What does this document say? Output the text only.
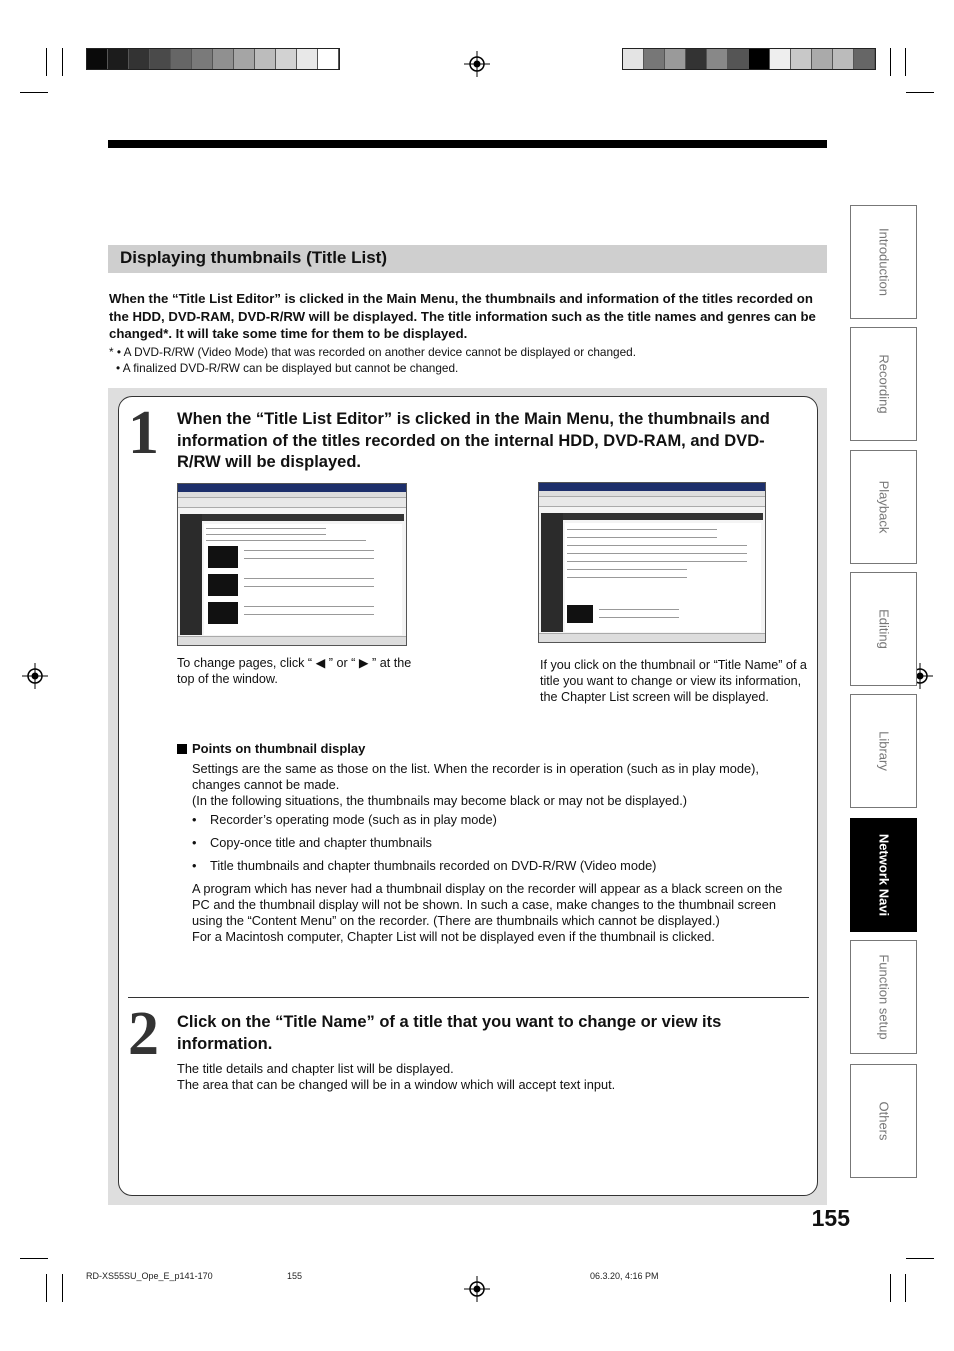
Displaying thumbnails (Title List)
When the “Title List Editor” is clicked in the Main Menu, the thumbnails and information of the titles recorded on the HDD, DVD-RAM, DVD-R/RW will be displayed. The title information such as the title names and genres can be changed*. It will take some time for them to be displayed.
* • A DVD-R/RW (Video Mode) that was recorded on another device cannot be displayed or changed.
• A finalized DVD-R/RW can be displayed but cannot be changed.
1 When the “Title List Editor” is clicked in the Main Menu, the thumbnails and information of the titles recorded on the internal HDD, DVD-RAM, and DVD-R/RW will be displayed.
To change pages, click “ ◀ ” or “ ▶ ” at the top of the window.
If you click on the thumbnail or “Title Name” of a title you want to change or view its information, the Chapter List screen will be displayed.
Points on thumbnail display
Settings are the same as those on the list. When the recorder is in operation (such as in play mode), changes cannot be made.
(In the following situations, the thumbnails may become black or may not be displayed.)
• Recorder’s operating mode (such as in play mode)
• Copy-once title and chapter thumbnails
• Title thumbnails and chapter thumbnails recorded on DVD-R/RW (Video mode)
A program which has never had a thumbnail display on the recorder will appear as a black screen on the PC and the thumbnail display will not be shown. In such a case, make changes to the thumbnail screen using the “Content Menu” on the recorder. (There are thumbnails which cannot be displayed.)
For a Macintosh computer, Chapter List will not be displayed even if the thumbnail is clicked.
2 Click on the “Title Name” of a title that you want to change or view its information.
The title details and chapter list will be displayed.
The area that can be changed will be in a window which will accept text input.
Introduction
Recording
Playback
Editing
Library
Network Navi
Function setup
Others
155
RD-XS55SU_Ope_E_p141-170	155	06.3.20, 4:16 PM
